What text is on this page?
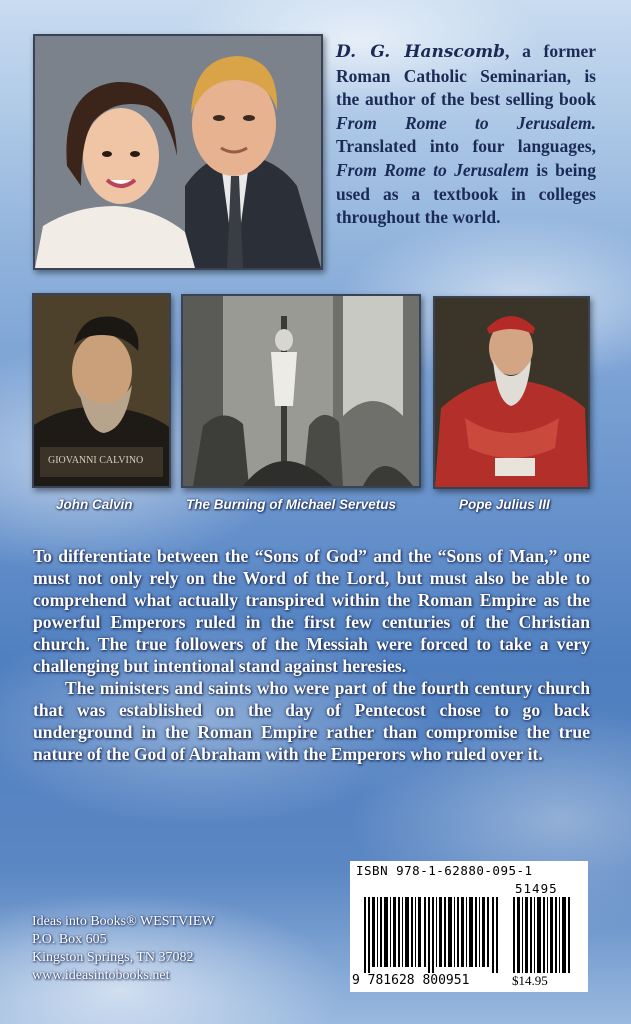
D. G. Hanscomb, a former Roman Catholic Seminarian, is the author of the best selling book From Rome to Jerusalem. Translated into four languages, From Rome to Jerusalem is being used as a textbook in colleges throughout the world.
GIOVANNI CALVINO
John Calvin	The Burning of Michael Servetus	Pope Julius III

To differentiate between the “Sons of God” and the “Sons of Man,” one must not only rely on the Word of the Lord, but must also be able to comprehend what actually transpired within the Roman Empire as the powerful Emperors ruled in the first few centuries of the Christian church. The true followers of the Messiah were forced to take a very challenging but intentional stand against heresies.

The ministers and saints who were part of the fourth century church that was established on the day of Pentecost chose to go back underground in the Roman Empire rather than compromise the true nature of the God of Abraham with the Emperors who ruled over it.

Ideas into Books® WESTVIEW
P.O. Box 605
Kingston Springs, TN 37082
www.ideasintobooks.net
ISBN 978-1-62880-095-1
51495
9 781628 800951	$14.95
